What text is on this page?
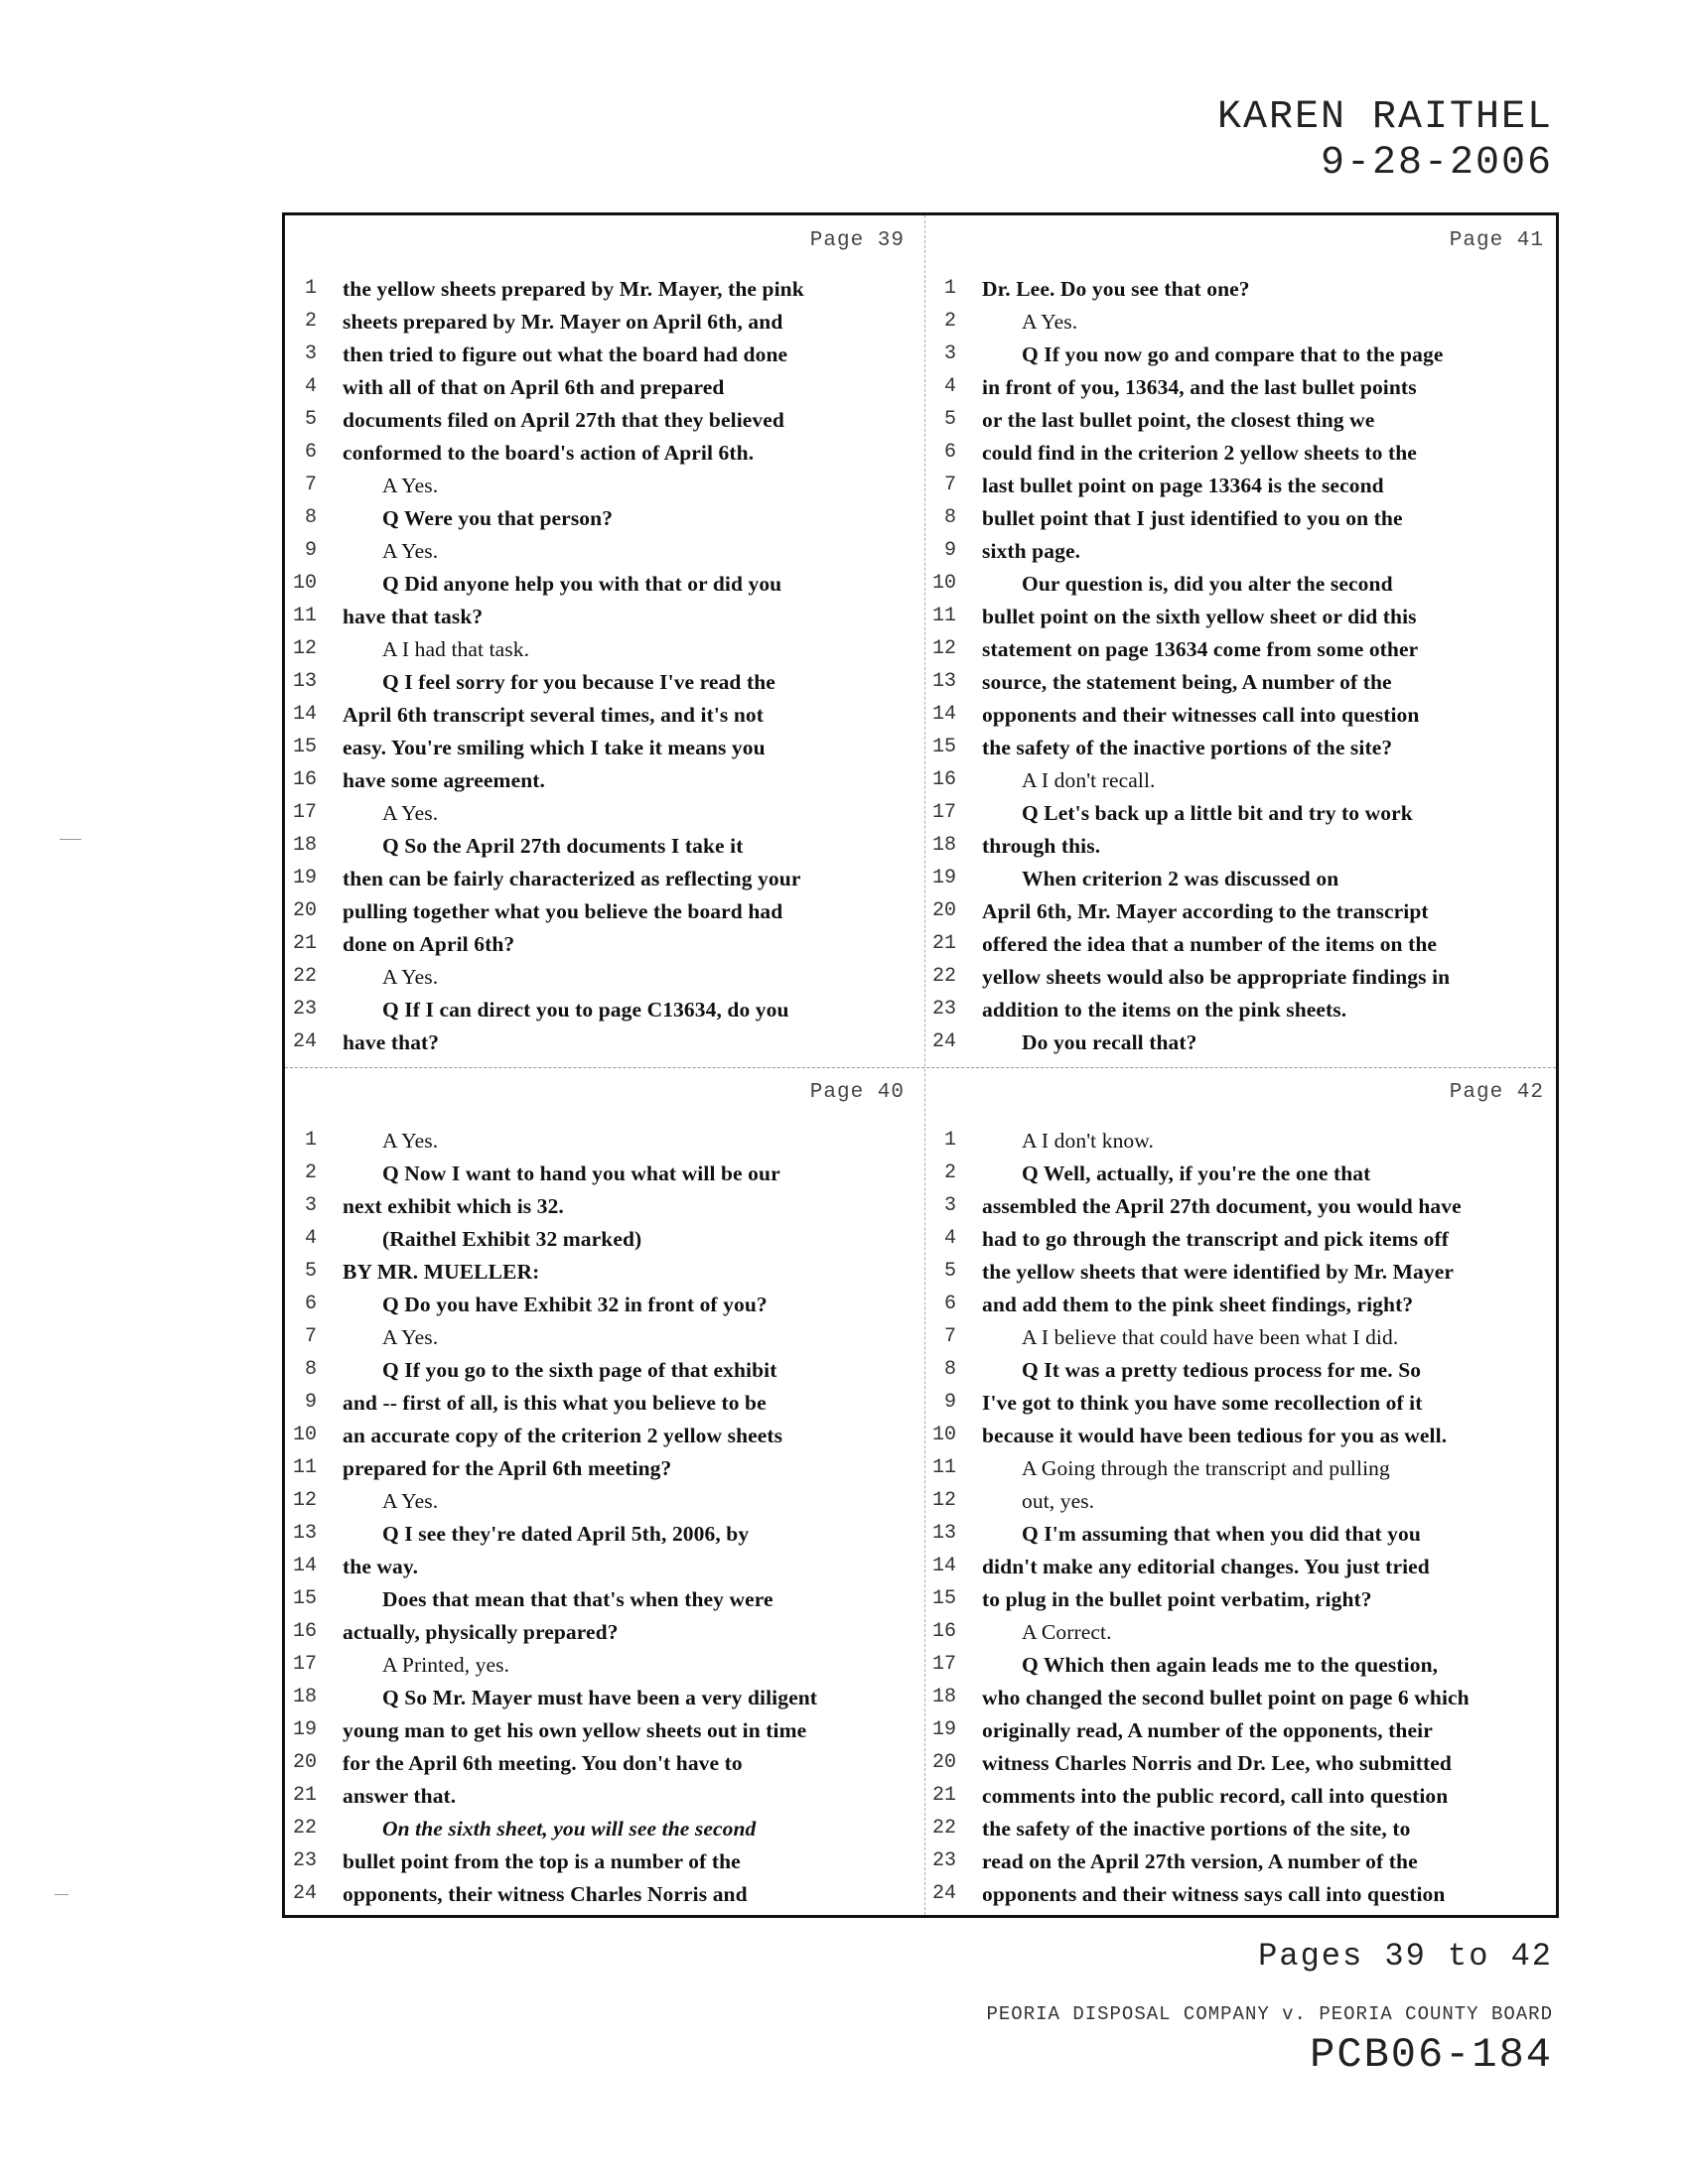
KAREN RAITHEL
9-28-2006
Page 39
1 the yellow sheets prepared by Mr. Mayer, the pink
2 sheets prepared by Mr. Mayer on April 6th, and
3 then tried to figure out what the board had done
4 with all of that on April 6th and prepared
5 documents filed on April 27th that they believed
6 conformed to the board's action of April 6th.
7	A Yes.
8	Q Were you that person?
9	A Yes.
10	Q Did anyone help you with that or did you
11 have that task?
12	A I had that task.
13	Q I feel sorry for you because I've read the
14 April 6th transcript several times, and it's not
15 easy. You're smiling which I take it means you
16 have some agreement.
17	A Yes.
18	Q So the April 27th documents I take it
19 then can be fairly characterized as reflecting your
20 pulling together what you believe the board had
21 done on April 6th?
22	A Yes.
23	Q If I can direct you to page C13634, do you
24 have that?
Page 41
1 Dr. Lee. Do you see that one?
2	A Yes.
3	Q If you now go and compare that to the page
4 in front of you, 13634, and the last bullet points
5 or the last bullet point, the closest thing we
6 could find in the criterion 2 yellow sheets to the
7 last bullet point on page 13364 is the second
8 bullet point that I just identified to you on the
9 sixth page.
10	Our question is, did you alter the second
11 bullet point on the sixth yellow sheet or did this
12 statement on page 13634 come from some other
13 source, the statement being, A number of the
14 opponents and their witnesses call into question
15 the safety of the inactive portions of the site?
16	A I don't recall.
17	Q Let's back up a little bit and try to work
18 through this.
19	When criterion 2 was discussed on
20 April 6th, Mr. Mayer according to the transcript
21 offered the idea that a number of the items on the
22 yellow sheets would also be appropriate findings in
23 addition to the items on the pink sheets.
24	Do you recall that?
Page 40
1	A Yes.
2	Q Now I want to hand you what will be our
3 next exhibit which is 32.
4	(Raithel Exhibit 32 marked)
5 BY MR. MUELLER:
6	Q Do you have Exhibit 32 in front of you?
7	A Yes.
8	Q If you go to the sixth page of that exhibit
9 and -- first of all, is this what you believe to be
10 an accurate copy of the criterion 2 yellow sheets
11 prepared for the April 6th meeting?
12	A Yes.
13	Q I see they're dated April 5th, 2006, by
14 the way.
15	Does that mean that that's when they were
16 actually, physically prepared?
17	A Printed, yes.
18	Q So Mr. Mayer must have been a very diligent
19 young man to get his own yellow sheets out in time
20 for the April 6th meeting. You don't have to
21 answer that.
22	On the sixth sheet, you will see the second
23 bullet point from the top is a number of the
24 opponents, their witness Charles Norris and
Page 42
1	A I don't know.
2	Q Well, actually, if you're the one that
3 assembled the April 27th document, you would have
4 had to go through the transcript and pick items off
5 the yellow sheets that were identified by Mr. Mayer
6 and add them to the pink sheet findings, right?
7	A I believe that could have been what I did.
8	Q It was a pretty tedious process for me. So
9 I've got to think you have some recollection of it
10 because it would have been tedious for you as well.
11	A Going through the transcript and pulling
12	out, yes.
13	Q I'm assuming that when you did that you
14 didn't make any editorial changes. You just tried
15 to plug in the bullet point verbatim, right?
16	A Correct.
17	Q Which then again leads me to the question,
18 who changed the second bullet point on page 6 which
19 originally read, A number of the opponents, their
20 witness Charles Norris and Dr. Lee, who submitted
21 comments into the public record, call into question
22 the safety of the inactive portions of the site, to
23 read on the April 27th version, A number of the
24 opponents and their witness says call into question
Pages 39 to 42
PEORIA DISPOSAL COMPANY v. PEORIA COUNTY BOARD
PCB06-184
